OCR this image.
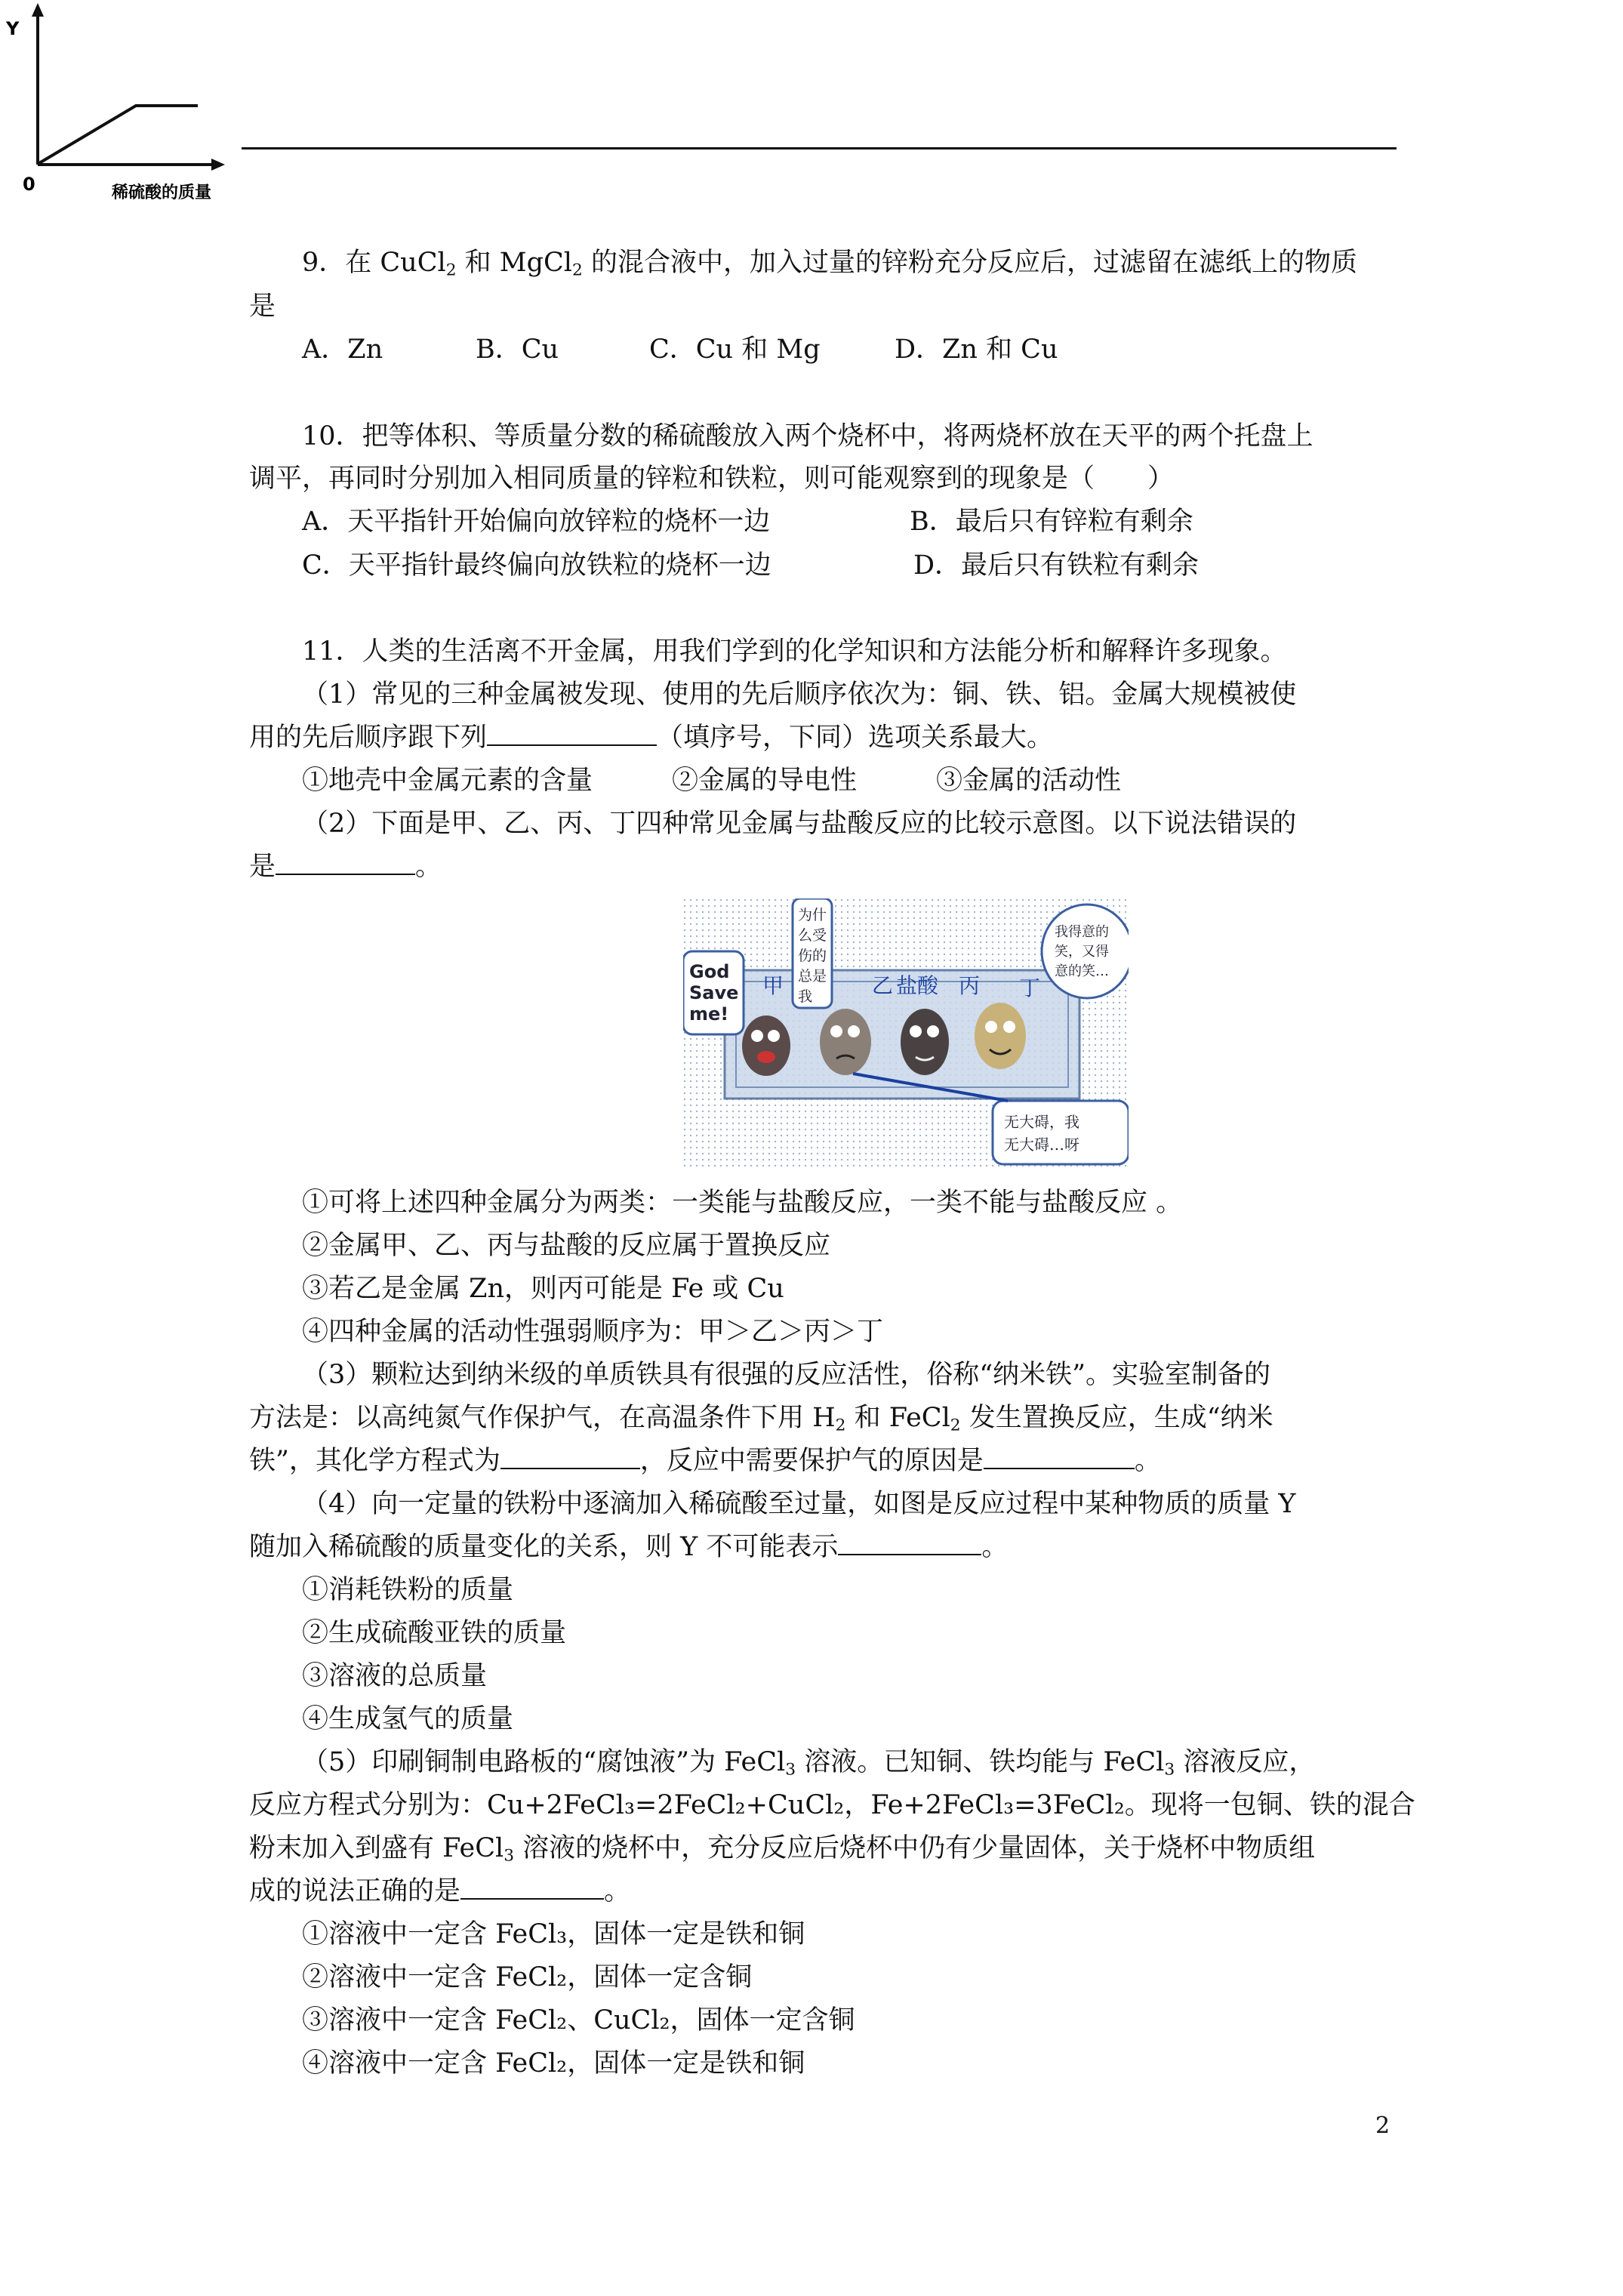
Y
0	稀硫酸的质量
9．在 CuCl$_2$ 和 MgCl$_2$ 的混合液中，加入过量的锌粉充分反应后，过滤留在滤纸上的物质
是
A．Zn	B．Cu	C．Cu 和 Mg	D．Zn 和 Cu
10．把等体积、等质量分数的稀硫酸放入两个烧杯中，将两烧杯放在天平的两个托盘上
调平，再同时分别加入相同质量的锌粒和铁粒，则可能观察到的现象是（　　）
A．天平指针开始偏向放锌粒的烧杯一边	B．最后只有锌粒有剩余
C．天平指针最终偏向放铁粒的烧杯一边	D．最后只有铁粒有剩余
11．人类的生活离不开金属，用我们学到的化学知识和方法能分析和解释许多现象。
（1）常见的三种金属被发现、使用的先后顺序依次为：铜、铁、铝。金属大规模被使
用的先后顺序跟下列	（填序号，下同）选项关系最大。
①地壳中金属元素的含量　　　②金属的导电性　　　③金属的活动性
（2）下面是甲、乙、丙、丁四种常见金属与盐酸反应的比较示意图。以下说法错误的
是	。
God
Save
me!
为什
么受
伤的
总是
我
我得意的
笑，又得
意的笑…
无大碍，我
无大碍…呀
甲	乙 盐酸 丙 丁
①可将上述四种金属分为两类：一类能与盐酸反应，一类不能与盐酸反应 。
②金属甲、乙、丙与盐酸的反应属于置换反应
③若乙是金属 Zn，则丙可能是 Fe 或 Cu
④四种金属的活动性强弱顺序为：甲＞乙＞丙＞丁
（3）颗粒达到纳米级的单质铁具有很强的反应活性，俗称“纳米铁”。实验室制备的
方法是：以高纯氮气作保护气，在高温条件下用 $H_2$ 和 FeCl$_2$ 发生置换反应，生成“纳米
铁”，其化学方程式为	，反应中需要保护气的原因是	。
（4）向一定量的铁粉中逐滴加入稀硫酸至过量，如图是反应过程中某种物质的质量 Y
随加入稀硫酸的质量变化的关系，则 Y 不可能表示	。
①消耗铁粉的质量
②生成硫酸亚铁的质量
③溶液的总质量
④生成氢气的质量
（5）印刷铜制电路板的“腐蚀液”为 FeCl$_3$ 溶液。已知铜、铁均能与 FeCl$_3$ 溶液反应，
反应方程式分别为：Cu+2FeCl₃=2FeCl₂+CuCl₂，Fe+2FeCl₃=3FeCl₂。现将一包铜、铁的混合
粉末加入到盛有 FeCl$_3$ 溶液的烧杯中，充分反应后烧杯中仍有少量固体，关于烧杯中物质组
成的说法正确的是	。
①溶液中一定含 FeCl₃，固体一定是铁和铜
②溶液中一定含 FeCl₂，固体一定含铜
③溶液中一定含 FeCl₂、CuCl₂，固体一定含铜
④溶液中一定含 FeCl₂，固体一定是铁和铜
2
